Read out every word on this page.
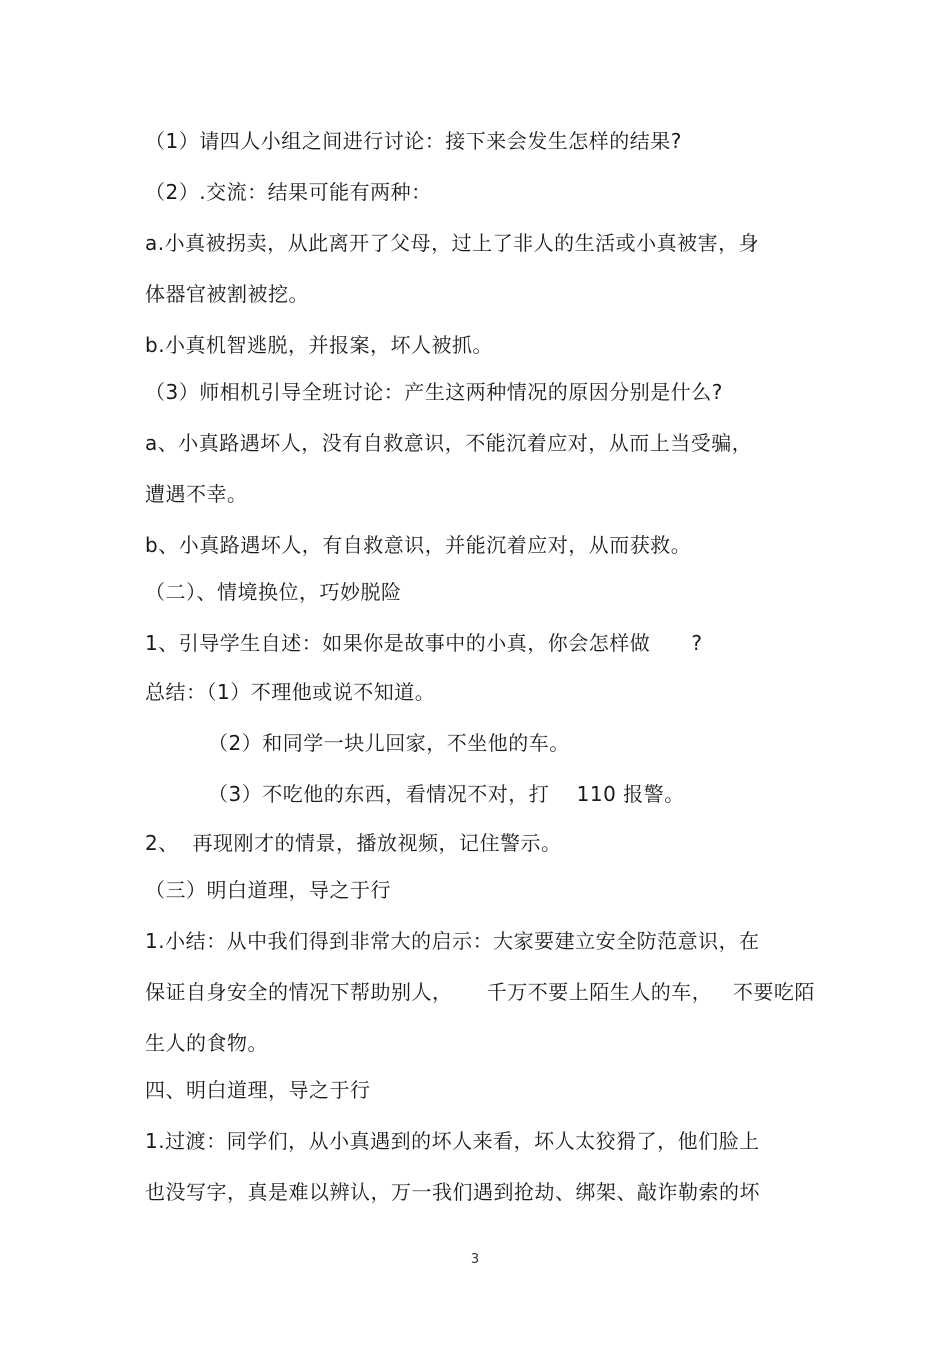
（1）请四人小组之间进行讨论：接下来会发生怎样的结果?
（2）.交流：结果可能有两种：
a.小真被拐卖，从此离开了父母，过上了非人的生活或小真被害，身
体器官被割被挖。
b.小真机智逃脱，并报案，坏人被抓。
（3）师相机引导全班讨论：产生这两种情况的原因分别是什么?
a、小真路遇坏人，没有自救意识，不能沉着应对，从而上当受骗，
遭遇不幸。
b、小真路遇坏人，有自救意识，并能沉着应对，从而获救。
（二）、情境换位，巧妙脱险
1、引导学生自述：如果你是故事中的小真，你会怎样做      ?
总结：（1）不理他或说不知道。
（2）和同学一块儿回家，不坐他的车。
（3）不吃他的东西，看情况不对，打    110 报警。
2、  再现刚才的情景，播放视频，记住警示。
（三）明白道理，导之于行
1.小结：从中我们得到非常大的启示：大家要建立安全防范意识，在
保证自身安全的情况下帮助别人，     千万不要上陌生人的车，   不要吃陌
生人的食物。
四、明白道理，导之于行
1.过渡：同学们，从小真遇到的坏人来看，坏人太狡猾了，他们脸上
也没写字，真是难以辨认，万一我们遇到抢劫、绑架、敲诈勒索的坏
3
